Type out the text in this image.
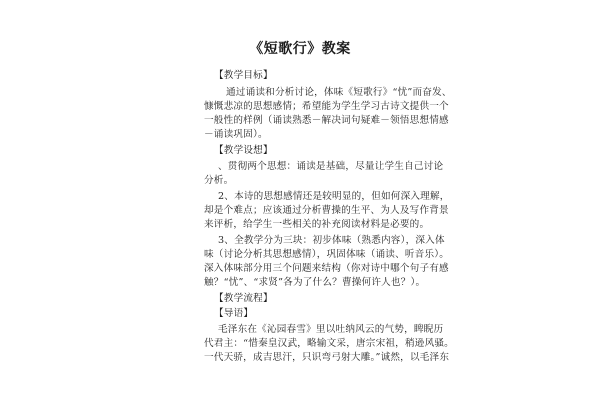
《短歌行》教案
【教学目标】
通过诵读和分析讨论，体味《短歌行》“忧”而奋发、
慷慨悲凉的思想感情；希望能为学生学习古诗文提供一个
一般性的样例（诵读熟悉－解决词句疑难－领悟思想情感
－诵读巩固）。
【教学设想】
、贯彻两个思想：诵读是基础，尽量让学生自己讨论
分析。
2、本诗的思想感情还是较明显的，但如何深入理解，
却是个难点；应该通过分析曹操的生平、为人及写作背景
来评析，给学生一些相关的补充阅读材料是必要的。
3、全教学分为三块：初步体味（熟悉内容），深入体
味（讨论分析其思想感情），巩固体味（诵读、听音乐）。
深入体味部分用三个问题来结构（你对诗中哪个句子有感
触？“忧”、“求贤”各为了什么？曹操何许人也？）。
【教学流程】
【导语】
毛泽东在《沁园春雪》里以吐纳风云的气势，睥睨历
代君主：“惜秦皇汉武，略输文采，唐宗宋祖，稍逊风骚。
一代天骄，成吉思汗，只识弯弓射大雕。”诚然，以毛泽东
